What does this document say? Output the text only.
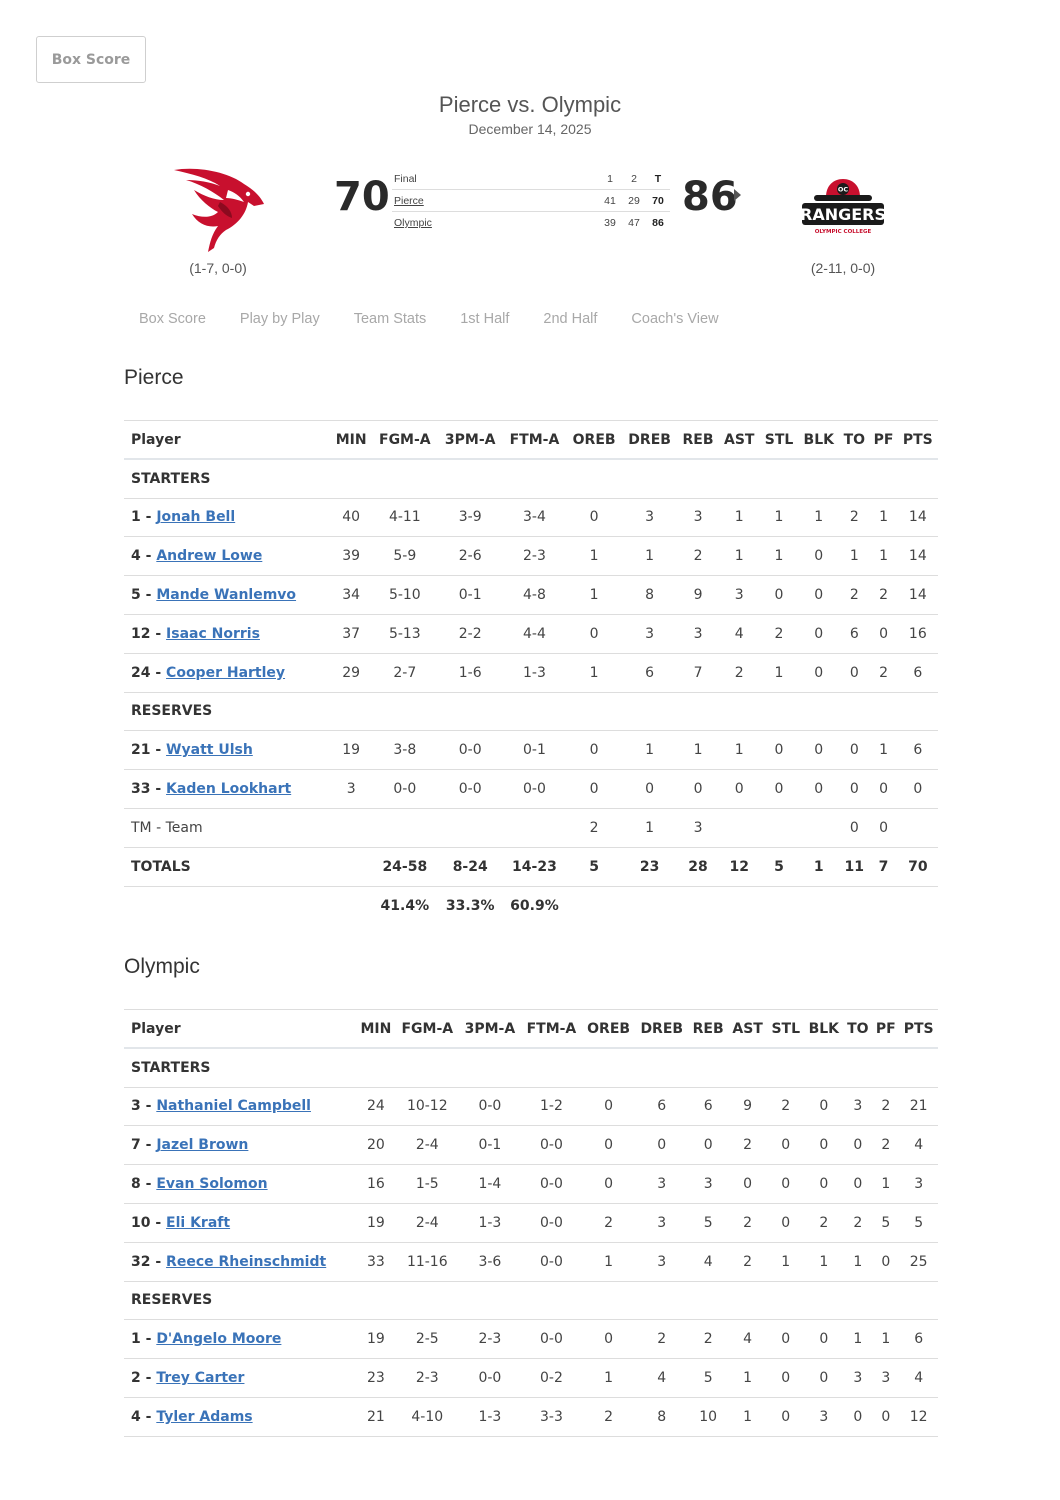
Box Score
Pierce vs. Olympic
December 14, 2025
(1-7, 0-0)
70 Final	1	2	T
Pierce	41	29	70
Olympic	39	47	86
86	OC
RANGERS
OLYMPIC COLLEGE
(2-11, 0-0)
Box Score Play by Play Team Stats 1st Half 2nd Half Coach's View
Pierce
Player	MIN	FGM-A	3PM-A	FTM-A	OREB	DREB	REB	AST	STL	BLK	TO	PF	PTS
STARTERS													
1 - Jonah Bell	40	4-11	3-9	3-4	0	3	3	1	1	1	2	1	14
4 - Andrew Lowe	39	5-9	2-6	2-3	1	1	2	1	1	0	1	1	14
5 - Mande Wanlemvo	34	5-10	0-1	4-8	1	8	9	3	0	0	2	2	14
12 - Isaac Norris	37	5-13	2-2	4-4	0	3	3	4	2	0	6	0	16
24 - Cooper Hartley	29	2-7	1-6	1-3	1	6	7	2	1	0	0	2	6
RESERVES													
21 - Wyatt Ulsh	19	3-8	0-0	0-1	0	1	1	1	0	0	0	1	6
33 - Kaden Lookhart	3	0-0	0-0	0-0	0	0	0	0	0	0	0	0	0
TM - Team					2	1	3				0	0	
TOTALS		24-58	8-24	14-23	5	23	28	12	5	1	11	7	70
		41.4%	33.3%	60.9%									
Olympic
Player	MIN	FGM-A	3PM-A	FTM-A	OREB	DREB	REB	AST	STL	BLK	TO	PF	PTS
STARTERS													
3 - Nathaniel Campbell	24	10-12	0-0	1-2	0	6	6	9	2	0	3	2	21
7 - Jazel Brown	20	2-4	0-1	0-0	0	0	0	2	0	0	0	2	4
8 - Evan Solomon	16	1-5	1-4	0-0	0	3	3	0	0	0	0	1	3
10 - Eli Kraft	19	2-4	1-3	0-0	2	3	5	2	0	2	2	5	5
32 - Reece Rheinschmidt	33	11-16	3-6	0-0	1	3	4	2	1	1	1	0	25
RESERVES													
1 - D'Angelo Moore	19	2-5	2-3	0-0	0	2	2	4	0	0	1	1	6
2 - Trey Carter	23	2-3	0-0	0-2	1	4	5	1	0	0	3	3	4
4 - Tyler Adams	21	4-10	1-3	3-3	2	8	10	1	0	3	0	0	12
